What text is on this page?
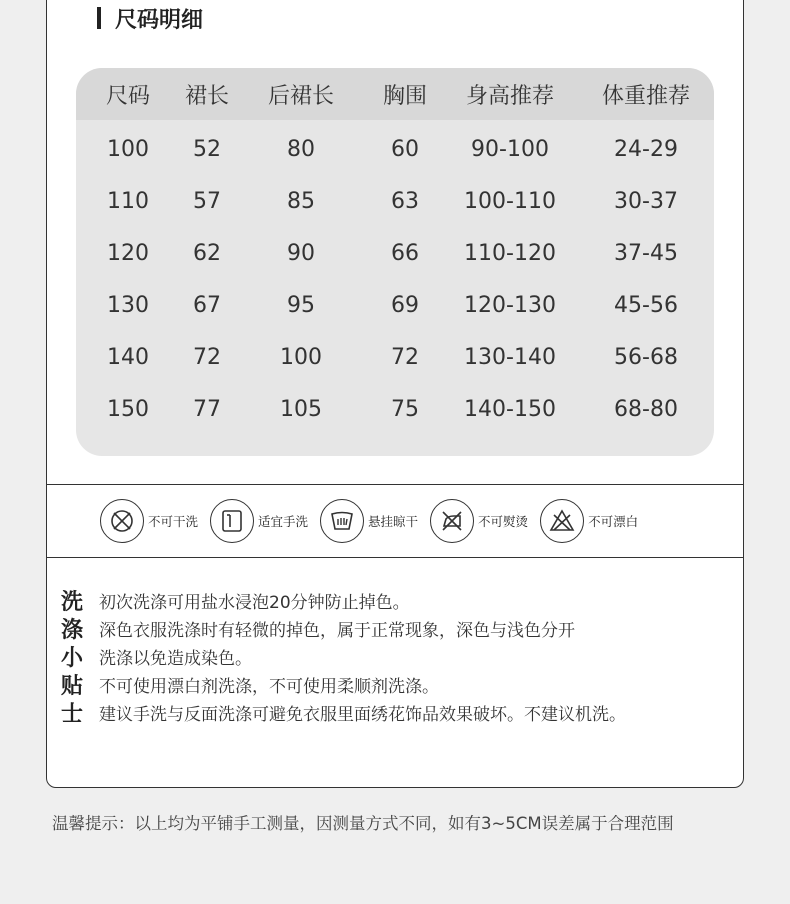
尺码明细
尺码	裙长	后裙长	胸围	身高推荐	体重推荐
100	52	80	60	90-100	24-29
110	57	85	63	100-110	30-37
120	62	90	66	110-120	37-45
130	67	95	69	120-130	45-56
140	72	100	72	130-140	56-68
150	77	105	75	140-150	68-80
不可干洗	适宜手洗	悬挂晾干	不可熨烫	不可漂白
洗 初次洗涤可用盐水浸泡20分钟防止掉色。
涤 深色衣服洗涤时有轻微的掉色，属于正常现象，深色与浅色分开
小 洗涤以免造成染色。
贴 不可使用漂白剂洗涤，不可使用柔顺剂洗涤。
士 建议手洗与反面洗涤可避免衣服里面绣花饰品效果破坏。不建议机洗。
温馨提示：以上均为平铺手工测量，因测量方式不同，如有3~5CM误差属于合理范围
